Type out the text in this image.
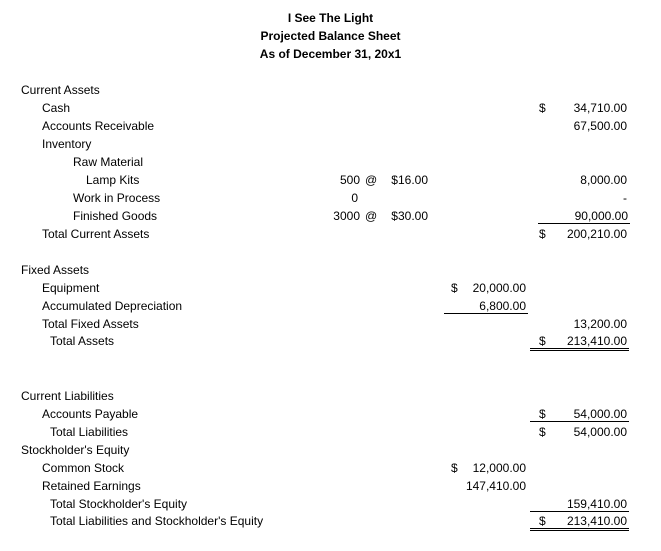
I See The Light
Projected Balance Sheet
As of December 31, 20x1
Current Assets
Cash	$	34,710.00
Accounts Receivable	67,500.00
Inventory
Raw Material
Lamp Kits	500 @	$16.00	8,000.00
Work in Process	0	-
Finished Goods	3000 @	$30.00	90,000.00
Total Current Assets	$	200,210.00
Fixed Assets
Equipment	$	20,000.00
Accumulated Depreciation	6,800.00
Total Fixed Assets	13,200.00
Total Assets	$	213,410.00
Current Liabilities
Accounts Payable	$	54,000.00
Total Liabilities	$	54,000.00
Stockholder's Equity
Common Stock	$	12,000.00
Retained Earnings	147,410.00
Total Stockholder's Equity	159,410.00
Total Liabilities and Stockholder's Equity	$	213,410.00
